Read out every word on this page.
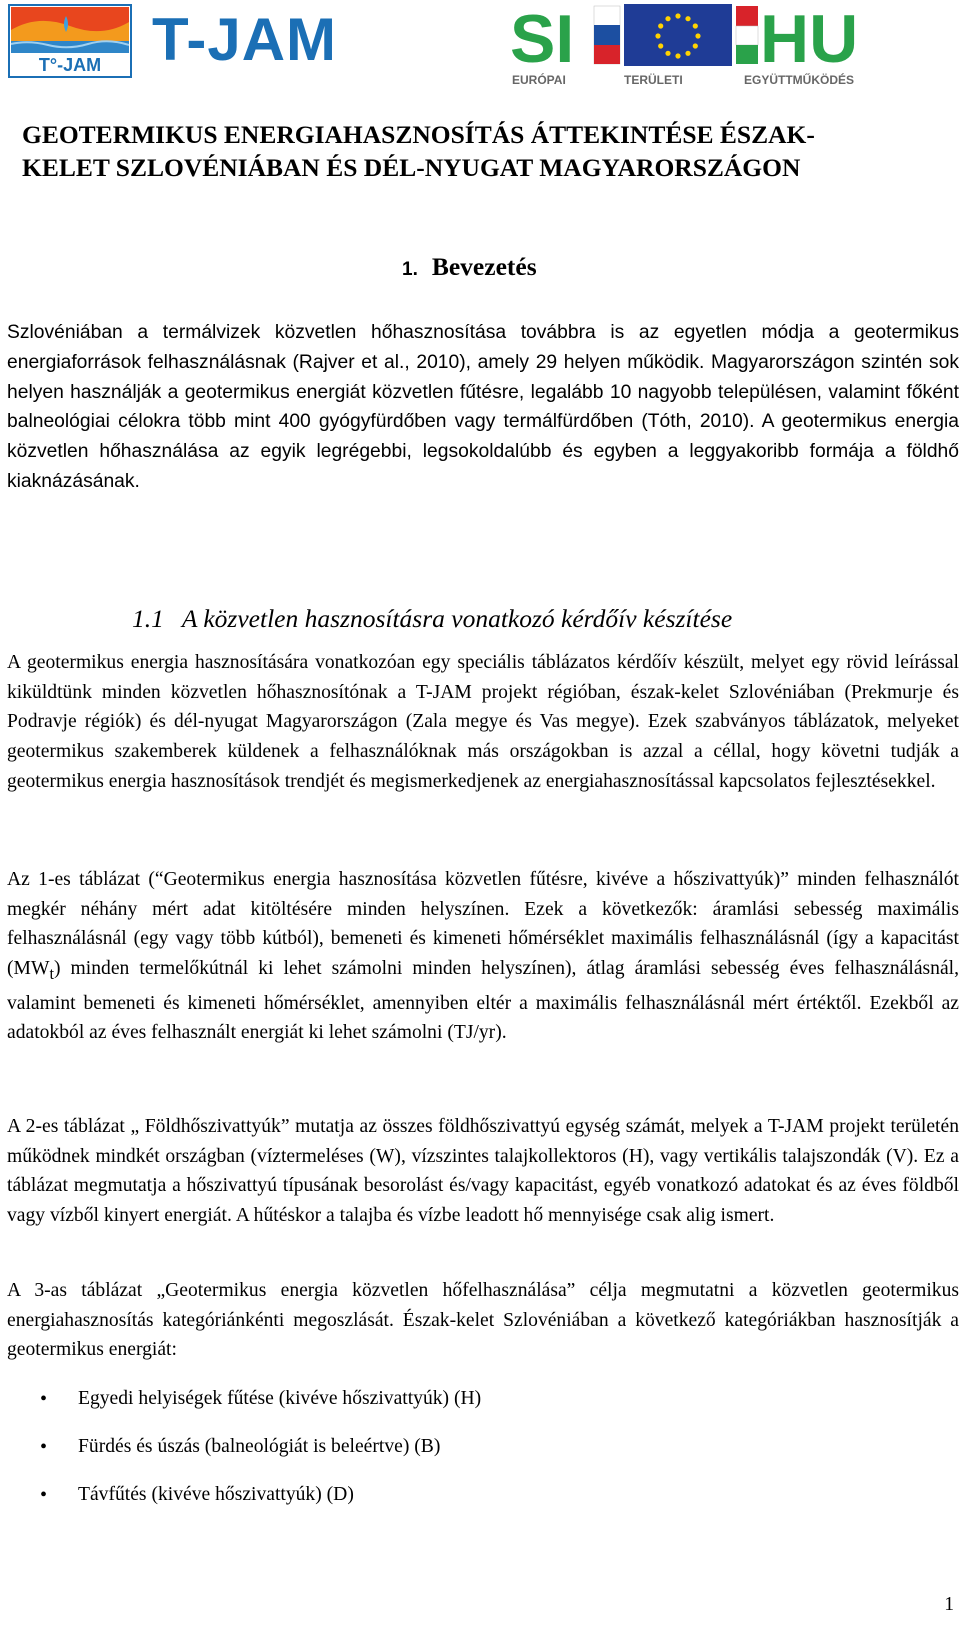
T°-JAM T-JAM	SI	HU
EURÓPAI	TERÜLETI	EGYÜTTMŰKÖDÉS
GEOTERMIKUS ENERGIAHASZNOSÍTÁS ÁTTEKINTÉSE ÉSZAK-
KELET SZLOVÉNIÁBAN ÉS DÉL-NYUGAT MAGYARORSZÁGON
1. Bevezetés

Szlovéniában a termálvizek közvetlen hőhasznosítása továbbra is az egyetlen módja a geotermikus energiaforrások felhasználásnak (Rajver et al., 2010), amely 29 helyen működik. Magyarországon szintén sok helyen használják a geotermikus energiát közvetlen fűtésre, legalább 10 nagyobb településen, valamint főként balneológiai célokra több mint 400 gyógyfürdőben vagy termálfürdőben (Tóth, 2010). A geotermikus energia közvetlen hőhasználása az egyik legrégebbi, legsokoldalúbb és egyben a leggyakoribb formája a földhő kiaknázásának.

1.1 A közvetlen hasznosításra vonatkozó kérdőív készítése

A geotermikus energia hasznosítására vonatkozóan egy speciális táblázatos kérdőív készült, melyet egy rövid leírással kiküldtünk minden közvetlen hőhasznosítónak a T-JAM projekt régióban, észak-kelet Szlovéniában (Prekmurje és Podravje régiók) és dél-nyugat Magyarországon (Zala megye és Vas megye). Ezek szabványos táblázatok, melyeket geotermikus szakemberek küldenek a felhasználóknak más országokban is azzal a céllal, hogy követni tudják a geotermikus energia hasznosítások trendjét és megismerkedjenek az energiahasznosítással kapcsolatos fejlesztésekkel.

Az 1-es táblázat (“Geotermikus energia hasznosítása közvetlen fűtésre, kivéve a hőszivattyúk)” minden felhasználót megkér néhány mért adat kitöltésére minden helyszínen. Ezek a következők: áramlási sebesség maximális felhasználásnál (egy vagy több kútból), bemeneti és kimeneti hőmérséklet maximális felhasználásnál (így a kapacitást $(MW_t)$ minden termelőkútnál ki lehet számolni minden helyszínen), átlag áramlási sebesség éves felhasználásnál, valamint bemeneti és kimeneti hőmérséklet, amennyiben eltér a maximális felhasználásnál mért értéktől. Ezekből az adatokból az éves felhasznált energiát ki lehet számolni (TJ/yr).

A 2-es táblázat „ Földhőszivattyúk” mutatja az összes földhőszivattyú egység számát, melyek a T-JAM projekt területén működnek mindkét országban (víztermeléses (W), vízszintes talajkollektoros (H), vagy vertikális talajszondák (V). Ez a táblázat megmutatja a hőszivattyú típusának besorolást és/vagy kapacitást, egyéb vonatkozó adatokat és az éves földből vagy vízből kinyert energiát. A hűtéskor a talajba és vízbe leadott hő mennyisége csak alig ismert.

A 3-as táblázat „Geotermikus energia közvetlen hőfelhasználása” célja megmutatni a közvetlen geotermikus energiahasznosítás kategóriánkénti megoszlását. Észak-kelet Szlovéniában a következő kategóriákban hasznosítják a geotermikus energiát:

• Egyedi helyiségek fűtése (kivéve hőszivattyúk) (H)
• Fürdés és úszás (balneológiát is beleértve) (B)
• Távfűtés (kivéve hőszivattyúk) (D)
1
